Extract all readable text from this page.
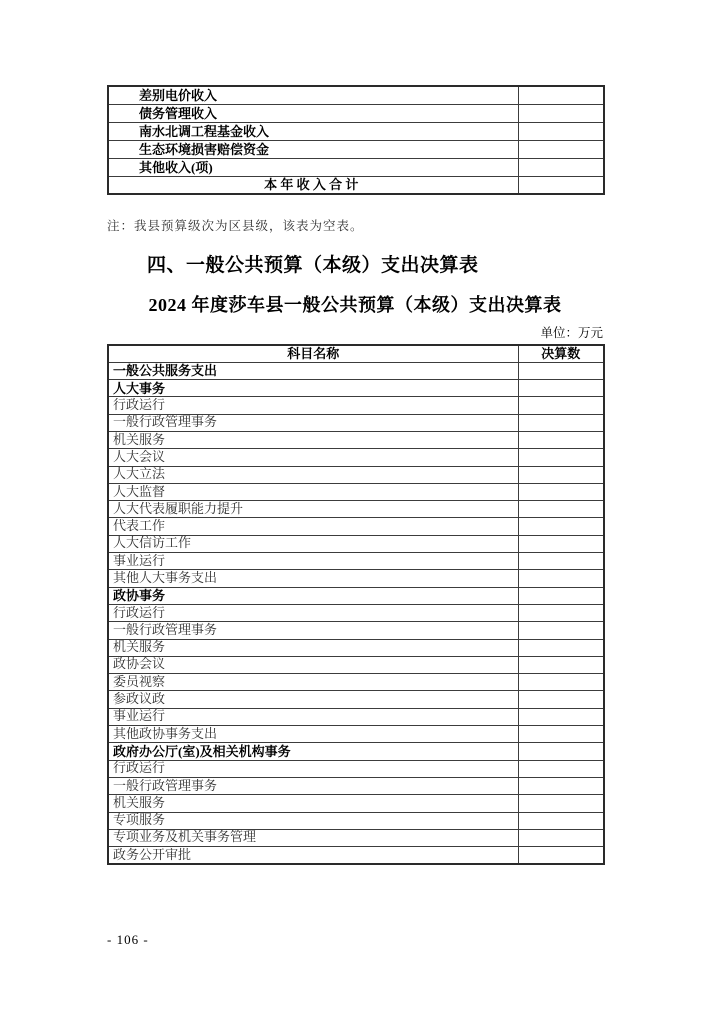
差别电价收入	
债务管理收入	
南水北调工程基金收入	
生态环境损害赔偿资金	
其他收入(项)	
本 年 收 入 合 计	
注：我县预算级次为区县级，该表为空表。
四、一般公共预算（本级）支出决算表
2024 年度莎车县一般公共预算（本级）支出决算表
单位：万元
科目名称	决算数
一般公共服务支出	
人大事务	
行政运行	
一般行政管理事务	
机关服务	
人大会议	
人大立法	
人大监督	
人大代表履职能力提升	
代表工作	
人大信访工作	
事业运行	
其他人大事务支出	
政协事务	
行政运行	
一般行政管理事务	
机关服务	
政协会议	
委员视察	
参政议政	
事业运行	
其他政协事务支出	
政府办公厅(室)及相关机构事务	
行政运行	
一般行政管理事务	
机关服务	
专项服务	
专项业务及机关事务管理	
政务公开审批	
- 106 -
